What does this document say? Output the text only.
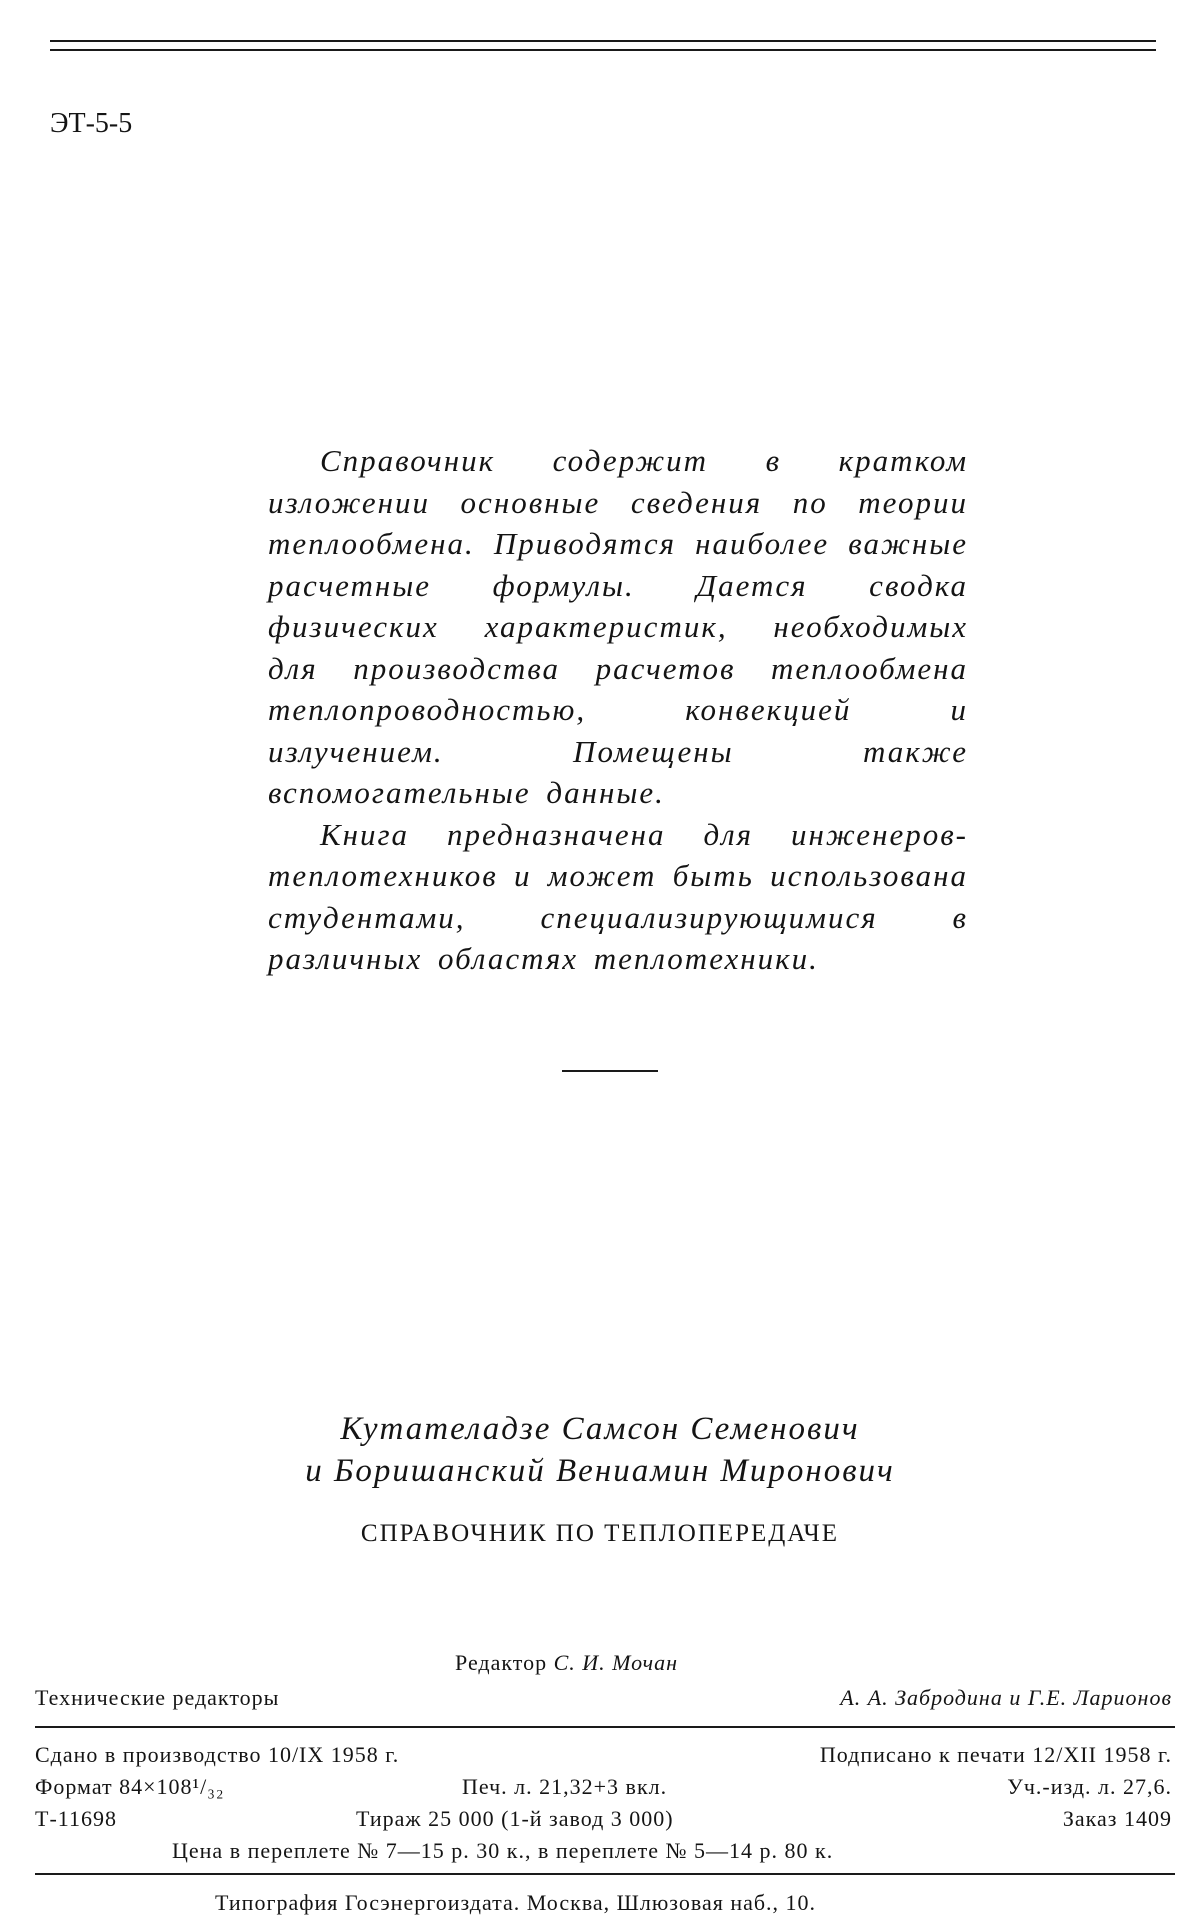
ЭТ-5-5

Справочник содержит в кратком изложении основные сведения по теории теплообмена. Приводятся наиболее важные расчетные формулы. Дается сводка физических характеристик, необходимых для производства расчетов теплообмена теплопроводностью, конвекцией и излучением. Помещены также вспомогательные данные.

Книга предназначена для инженеров-теплотехников и может быть использована студентами, специализирующимися в различных областях теплотехники.

Кутателадзе Самсон Семенович
и Боришанский Вениамин Миронович
СПРАВОЧНИК ПО ТЕПЛОПЕРЕДАЧЕ
Редактор С. И. Мочан
Технические редакторы	А. А. Забродина и Г.Е. Ларионов
Сдано в производство 10/IX 1958 г.	Подписано к печати 12/XII 1958 г.
Формат 84×108¹/₃₂	Печ. л. 21,32+3 вкл.	Уч.-изд. л. 27,6.
Т-11698	Тираж 25 000 (1-й завод 3 000)	Заказ 1409
Цена в переплете № 7—15 р. 30 к., в переплете № 5—14 р. 80 к.
Типография Госэнергоиздата. Москва, Шлюзовая наб., 10.
